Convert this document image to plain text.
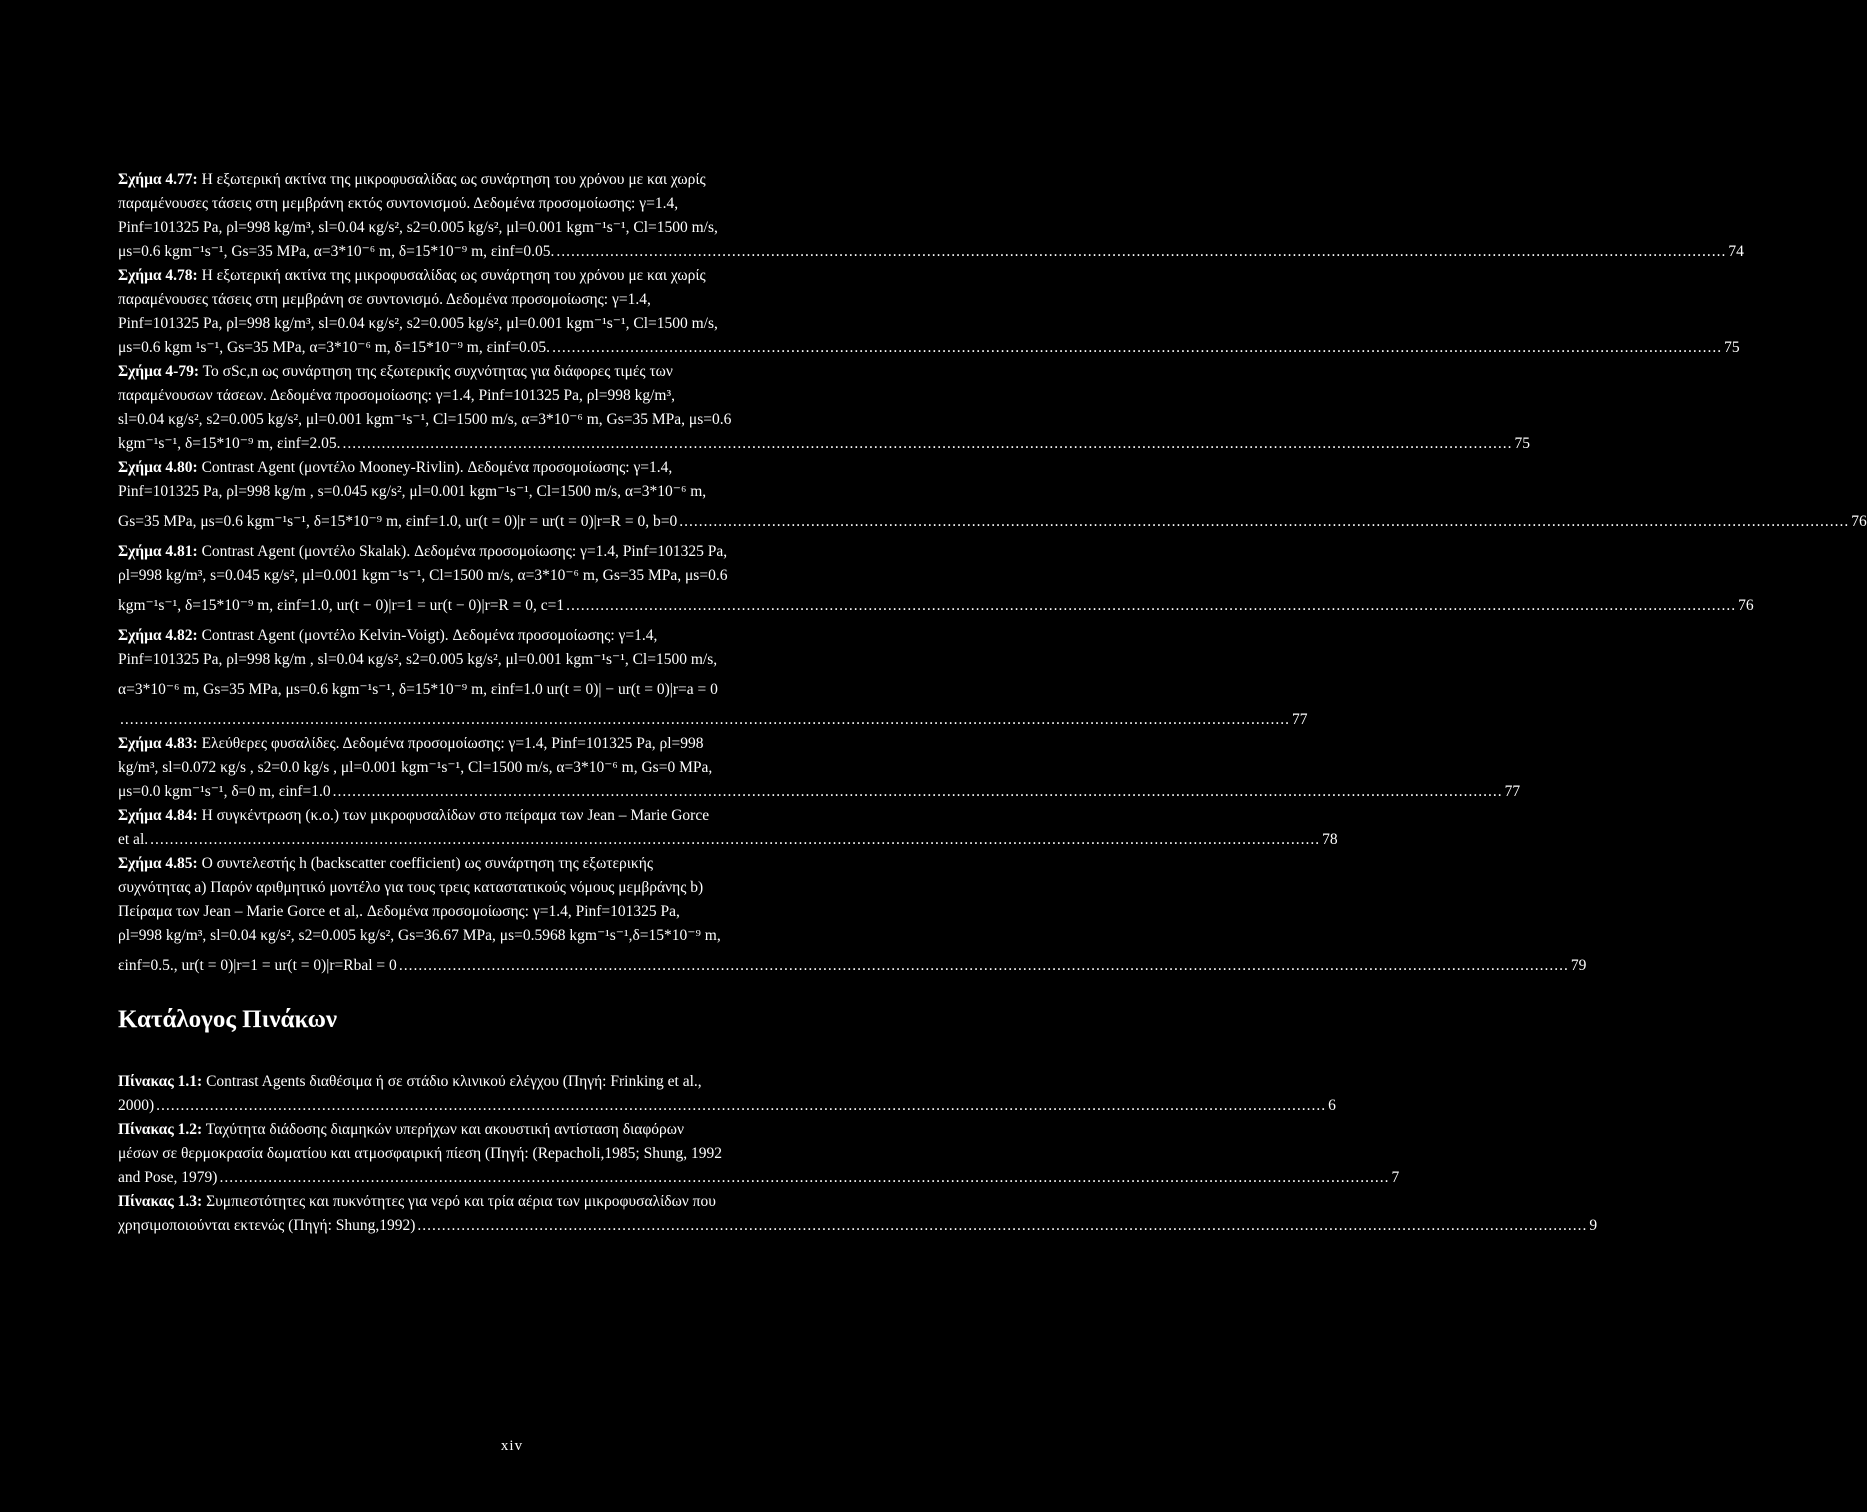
Σχήμα 4.77: Η εξωτερική ακτίνα της μικροφυσαλίδας ως συνάρτηση του χρόνου με και χωρίς
παραμένουσες τάσεις στη μεμβράνη εκτός συντονισμού. Δεδομένα προσομοίωσης: γ=1.4,
Pinf=101325 Pa, ρl=998 kg/m³, sl=0.04 κg/s², s2=0.005 kg/s², μl=0.001 kgm⁻¹s⁻¹, Cl=1500 m/s,
μs=0.6 kgm⁻¹s⁻¹, Gs=35 MPa, α=3*10⁻⁶ m, δ=15*10⁻⁹ m, εinf=0.05. .....	74
Σχήμα 4.78: Η εξωτερική ακτίνα της μικροφυσαλίδας ως συνάρτηση του χρόνου με και χωρίς
παραμένουσες τάσεις στη μεμβράνη σε συντονισμό. Δεδομένα προσομοίωσης: γ=1.4,
Pinf=101325 Pa, ρl=998 kg/m³, sl=0.04 κg/s², s2=0.005 kg/s², μl=0.001 kgm⁻¹s⁻¹, Cl=1500 m/s,
μs=0.6 kgm ¹s⁻¹, Gs=35 MPa, α=3*10⁻⁶ m, δ=15*10⁻⁹ m, εinf=0.05. .....	75
Σχήμα 4-79: Το σSc,n ως συνάρτηση της εξωτερικής συχνότητας για διάφορες τιμές των
παραμένουσων τάσεων. Δεδομένα προσομοίωσης: γ=1.4, Pinf=101325 Pa, ρl=998 kg/m³,
sl=0.04 κg/s², s2=0.005 kg/s², μl=0.001 kgm⁻¹s⁻¹, Cl=1500 m/s, α=3*10⁻⁶ m, Gs=35 MPa, μs=0.6
kgm⁻¹s⁻¹, δ=15*10⁻⁹ m, εinf=2.05. .....	75
Σχήμα 4.80: Contrast Agent (μοντέλο Mooney-Rivlin). Δεδομένα προσομοίωσης: γ=1.4,
Pinf=101325 Pa, ρl=998 kg/m , s=0.045 κg/s², μl=0.001 kgm⁻¹s⁻¹, Cl=1500 m/s, α=3*10⁻⁶ m,
Gs=35 MPa, μs=0.6 kgm⁻¹s⁻¹, δ=15*10⁻⁹ m, εinf=1.0, ur(t = 0)|r = ur(t = 0)|r=R = 0, b=0 .....	76
Σχήμα 4.81: Contrast Agent (μοντέλο Skalak). Δεδομένα προσομοίωσης: γ=1.4, Pinf=101325 Pa,
ρl=998 kg/m³, s=0.045 κg/s², μl=0.001 kgm⁻¹s⁻¹, Cl=1500 m/s, α=3*10⁻⁶ m, Gs=35 MPa, μs=0.6
kgm⁻¹s⁻¹, δ=15*10⁻⁹ m, εinf=1.0, ur(t − 0)|r=1 = ur(t − 0)|r=R = 0, c=1 .....	76
Σχήμα 4.82: Contrast Agent (μοντέλο Kelvin-Voigt). Δεδομένα προσομοίωσης: γ=1.4,
Pinf=101325 Pa, ρl=998 kg/m , sl=0.04 κg/s², s2=0.005 kg/s², μl=0.001 kgm⁻¹s⁻¹, Cl=1500 m/s,
α=3*10⁻⁶ m, Gs=35 MPa, μs=0.6 kgm⁻¹s⁻¹, δ=15*10⁻⁹ m, εinf=1.0 ur(t = 0)| − ur(t = 0)|r=a = 0
.....
77
Σχήμα 4.83: Ελεύθερες φυσαλίδες. Δεδομένα προσομοίωσης: γ=1.4, Pinf=101325 Pa, ρl=998
kg/m³, sl=0.072 κg/s , s2=0.0 kg/s , μl=0.001 kgm⁻¹s⁻¹, Cl=1500 m/s, α=3*10⁻⁶ m, Gs=0 MPa,
μs=0.0 kgm⁻¹s⁻¹, δ=0 m, εinf=1.0 .....	77
Σχήμα 4.84: Η συγκέντρωση (κ.ο.) των μικροφυσαλίδων στο πείραμα των Jean – Marie Gorce
et al. .....	78
Σχήμα 4.85: Ο συντελεστής h (backscatter coefficient) ως συνάρτηση της εξωτερικής
συχνότητας a) Παρόν αριθμητικό μοντέλο για τους τρεις καταστατικούς νόμους μεμβράνης b)
Πείραμα των Jean – Marie Gorce et al,. Δεδομένα προσομοίωσης: γ=1.4, Pinf=101325 Pa,
ρl=998 kg/m³, sl=0.04 κg/s², s2=0.005 kg/s², Gs=36.67 MPa, μs=0.5968 kgm⁻¹s⁻¹,δ=15*10⁻⁹ m,
εinf=0.5., ur(t = 0)|r=1 = ur(t = 0)|r=Rbal = 0 .....	79
Κατάλογος Πινάκων
Πίνακας 1.1: Contrast Agents διαθέσιμα ή σε στάδιο κλινικού ελέγχου (Πηγή: Frinking et al.,
2000) .....	6
Πίνακας 1.2: Ταχύτητα διάδοσης διαμηκών υπερήχων και ακουστική αντίσταση διαφόρων
μέσων σε θερμοκρασία δωματίου και ατμοσφαιρική πίεση (Πηγή: (Repacholi,1985; Shung, 1992
and Pose, 1979) .....	7
Πίνακας 1.3: Συμπιεστότητες και πυκνότητες για νερό και τρία αέρια των μικροφυσαλίδων που
χρησιμοποιούνται εκτενώς (Πηγή: Shung,1992) .....	9
xiv
